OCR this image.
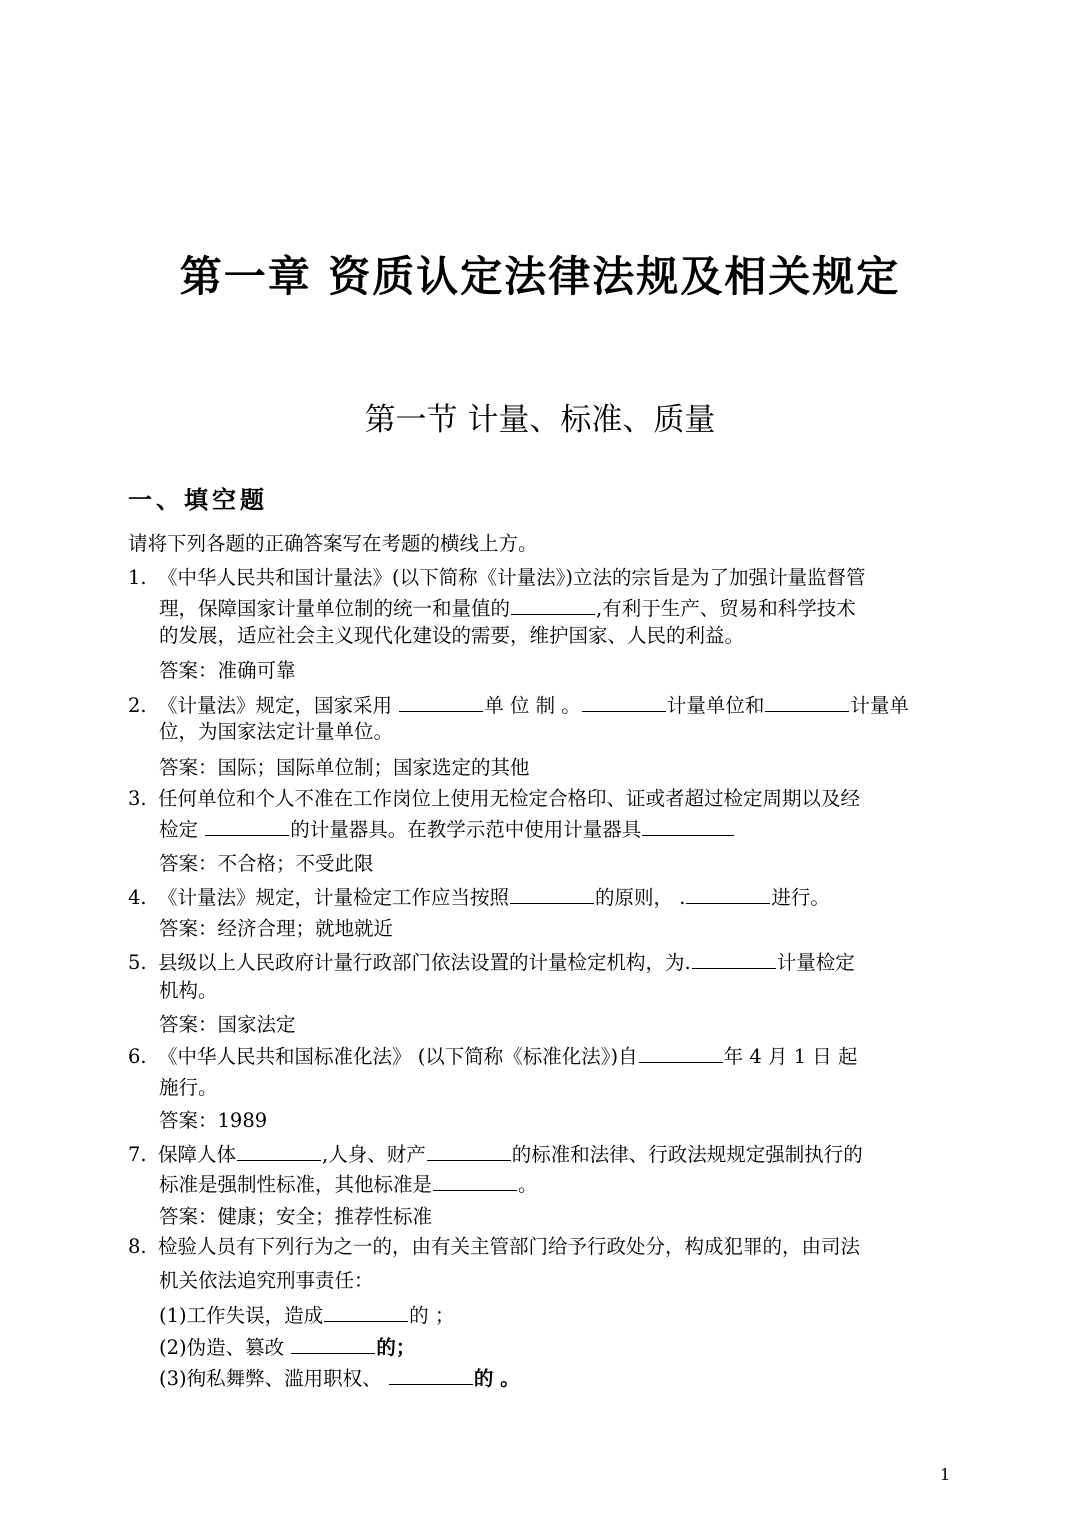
第一章 资质认定法律法规及相关规定
第一节 计量、标准、质量
一、填空题
请将下列各题的正确答案写在考题的横线上方。
1. 《中华人民共和国计量法》(以下简称《计量法》)立法的宗旨是为了加强计量监督管
理，保障国家计量单位制的统一和量值的	,有利于生产、贸易和科学技术
的发展，适应社会主义现代化建设的需要，维护国家、人民的利益。
答案：准确可靠
2. 《计量法》规定，国家采用	单 位 制 。	计量单位和	计量单
位，为国家法定计量单位。
答案：国际；国际单位制；国家选定的其他
3. 任何单位和个人不准在工作岗位上使用无检定合格印、证或者超过检定周期以及经
检定	的计量器具。在教学示范中使用计量器具
答案：不合格；不受此限
4. 《计量法》规定，计量检定工作应当按照	的原则， .	进行。
答案：经济合理；就地就近
5. 县级以上人民政府计量行政部门依法设置的计量检定机构，为.	计量检定
机构。
答案：国家法定
6. 《中华人民共和国标准化法》 (以下简称《标准化法》)自	年 4 月 1 日 起
施行。
答案：1989
7. 保障人体	,人身、财产	的标准和法律、行政法规规定强制执行的
标准是强制性标准，其他标准是	。
答案：健康；安全；推荐性标准
8. 检验人员有下列行为之一的，由有关主管部门给予行政处分，构成犯罪的，由司法
机关依法追究刑事责任：
(1)工作失误，造成	的 ；
(2)伪造、篡改	的；
(3)徇私舞弊、滥用职权、	的 。
1
